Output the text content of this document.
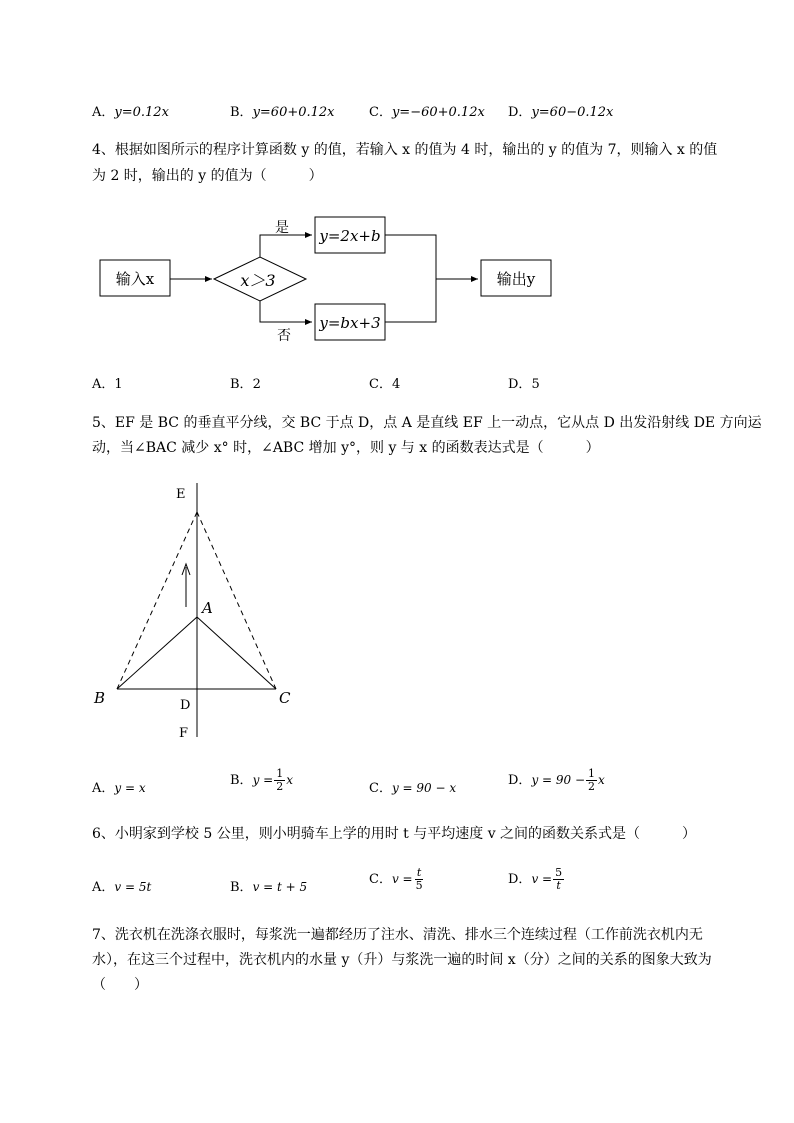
A．y=0.12x	B．y=60+0.12x	C．y=−60+0.12x D．y=60−0.12x
4、根据如图所示的程序计算函数 y 的值，若输入 x 的值为 4 时，输出的 y 的值为 7，则输入 x 的值
为 2 时，输出的 y 的值为（　　　）
输入x	x＞3
是
否
y=2x+b
y=bx+3
输出y
A．1	B．2	C．4	D．5
5、EF 是 BC 的垂直平分线，交 BC 于点 D，点 A 是直线 EF 上一动点，它从点 D 出发沿射线 DE 方向运
动，当∠BAC 减少 x° 时，∠ABC 增加 y°，则 y 与 x 的函数表达式是（　　　）
E
A
B	C
D
F
A．y = x	B．$y = \frac{1}{2}$ x
C．y = 90 − x	D．$y = 90 - \frac{1}{2}$ x
6、小明家到学校 5 公里，则小明骑车上学的用时 t 与平均速度 v 之间的函数关系式是（　　　）
A．v = 5t	B．v = t + 5	C．$v = \frac{t}{5}$	D．$v = \frac{5}{t}$
7、洗衣机在洗涤衣服时，每浆洗一遍都经历了注水、清洗、排水三个连续过程（工作前洗衣机内无
水），在这三个过程中，洗衣机内的水量 y（升）与浆洗一遍的时间 x（分）之间的关系的图象大致为
（　　）
